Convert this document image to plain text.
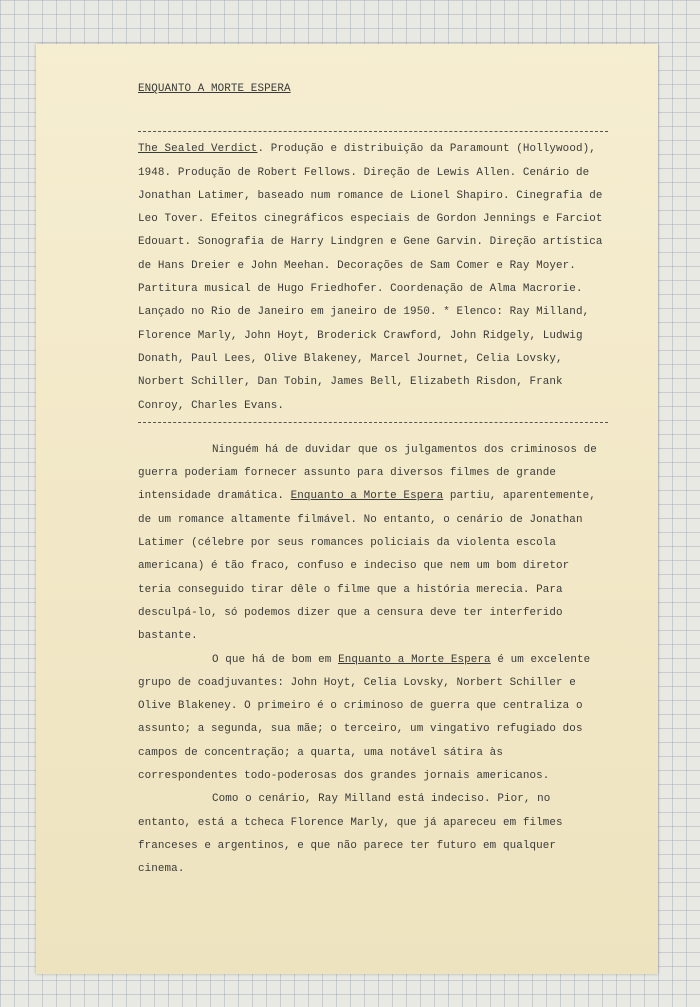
ENQUANTO A MORTE ESPERA

The Sealed Verdict. Produção e distribuição da Paramount (Hollywood), 1948. Produção de Robert Fellows. Direção de Lewis Allen. Cenário de Jonathan Latimer, baseado num romance de Lionel Shapiro. Cinegrafia de Leo Tover. Efeitos cinegráficos especiais de Gordon Jennings e Farciot Edouart. Sonografia de Harry Lindgren e Gene Garvin. Direção artística de Hans Dreier e John Meehan. Decorações de Sam Comer e Ray Moyer. Partitura musical de Hugo Friedhofer. Coordenação de Alma Macrorie. Lançado no Rio de Janeiro em janeiro de 1950. * Elenco: Ray Milland, Florence Marly, John Hoyt, Broderick Crawford, John Ridgely, Ludwig Donath, Paul Lees, Olive Blakeney, Marcel Journet, Celia Lovsky, Norbert Schiller, Dan Tobin, James Bell, Elizabeth Risdon, Frank Conroy, Charles Evans.

Ninguém há de duvidar que os julgamentos dos criminosos de guerra poderiam fornecer assunto para diversos filmes de grande intensidade dramática. Enquanto a Morte Espera partiu, aparentemente, de um romance altamente filmável. No entanto, o cenário de Jonathan Latimer (célebre por seus romances policiais da violenta escola americana) é tão fraco, confuso e indeciso que nem um bom diretor teria conseguido tirar dêle o filme que a história merecia. Para desculpá-lo, só podemos dizer que a censura deve ter interferido bastante.

O que há de bom em Enquanto a Morte Espera é um excelente grupo de coadjuvantes: John Hoyt, Celia Lovsky, Norbert Schiller e Olive Blakeney. O primeiro é o criminoso de guerra que centraliza o assunto; a segunda, sua mãe; o terceiro, um vingativo refugiado dos campos de concentração; a quarta, uma notável sátira às correspondentes todo-poderosas dos grandes jornais americanos.

Como o cenário, Ray Milland está indeciso. Pior, no entanto, está a tcheca Florence Marly, que já apareceu em filmes franceses e argentinos, e que não parece ter futuro em qualquer cinema.
